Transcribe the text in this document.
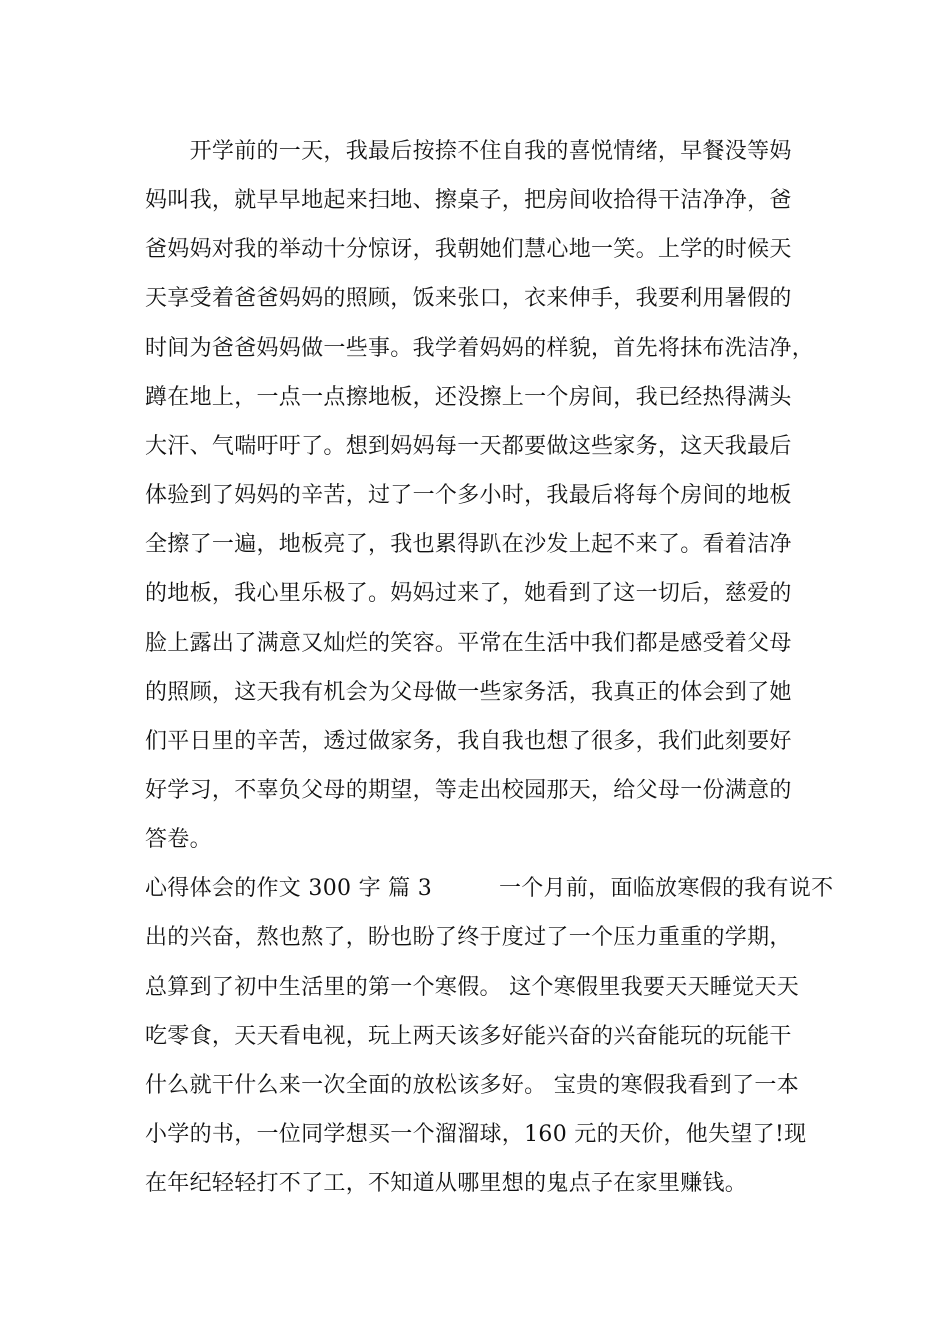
　　开学前的一天，我最后按捺不住自我的喜悦情绪，早餐没等妈
妈叫我，就早早地起来扫地、擦桌子，把房间收拾得干洁净净，爸
爸妈妈对我的举动十分惊讶，我朝她们慧心地一笑。上学的时候天
天享受着爸爸妈妈的照顾，饭来张口，衣来伸手，我要利用暑假的
时间为爸爸妈妈做一些事。我学着妈妈的样貌，首先将抹布洗洁净，
蹲在地上，一点一点擦地板，还没擦上一个房间，我已经热得满头
大汗、气喘吁吁了。想到妈妈每一天都要做这些家务，这天我最后
体验到了妈妈的辛苦，过了一个多小时，我最后将每个房间的地板
全擦了一遍，地板亮了，我也累得趴在沙发上起不来了。看着洁净
的地板，我心里乐极了。妈妈过来了，她看到了这一切后，慈爱的
脸上露出了满意又灿烂的笑容。平常在生活中我们都是感受着父母
的照顾，这天我有机会为父母做一些家务活，我真正的体会到了她
们平日里的辛苦，透过做家务，我自我也想了很多，我们此刻要好
好学习，不辜负父母的期望，等走出校园那天，给父母一份满意的
答卷。
心得体会的作文 300 字 篇 3　　　一个月前，面临放寒假的我有说不
出的兴奋，熬也熬了，盼也盼了终于度过了一个压力重重的学期，
总算到了初中生活里的第一个寒假。 这个寒假里我要天天睡觉天天
吃零食，天天看电视，玩上两天该多好能兴奋的兴奋能玩的玩能干
什么就干什么来一次全面的放松该多好。 宝贵的寒假我看到了一本
小学的书，一位同学想买一个溜溜球，160 元的天价，他失望了!现
在年纪轻轻打不了工，不知道从哪里想的鬼点子在家里赚钱。
